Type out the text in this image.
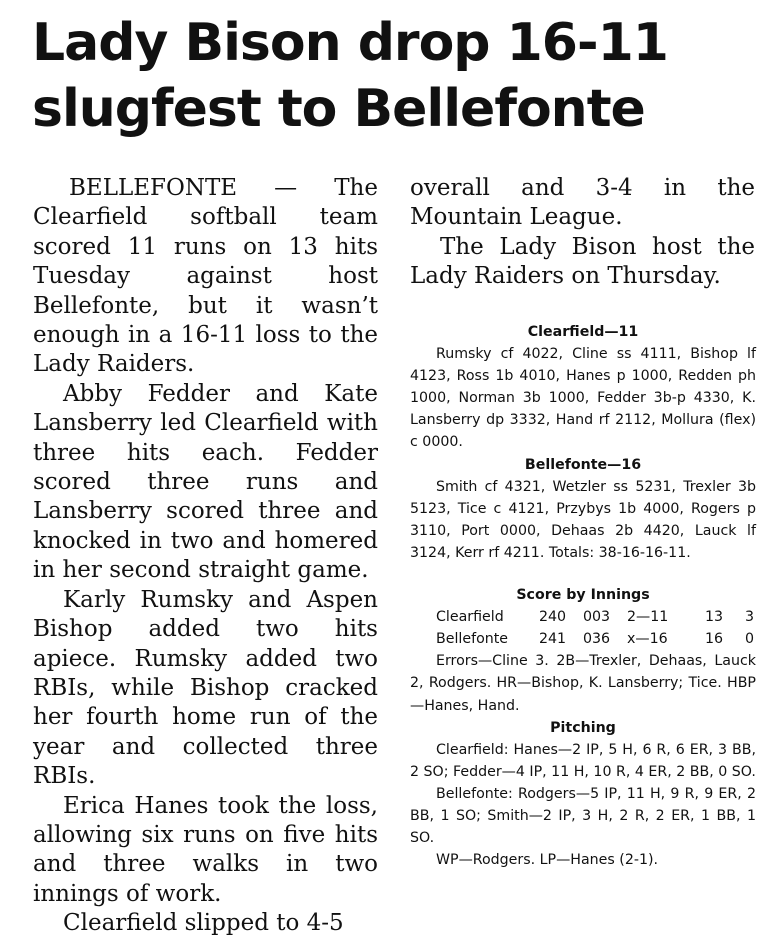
Lady Bison drop 16-11
slugfest to Bellefonte

BELLEFONTE — The Clearfield softball team scored 11 runs on 13 hits Tuesday against host Bellefonte, but it wasn’t enough in a 16-11 loss to the Lady Raiders.

Abby Fedder and Kate Lansberry led Clearfield with three hits each. Fedder scored three runs and Lansberry scored three and knocked in two and homered in her second straight game.

Karly Rumsky and Aspen Bishop added two hits apiece. Rumsky added two RBIs, while Bishop cracked her fourth home run of the year and collected three RBIs.

Erica Hanes took the loss, allowing six runs on five hits and three walks in two innings of work.

Clearfield slipped to 4-5

overall and 3-4 in the Mountain League.

The Lady Bison host the Lady Raiders on Thursday.

Clearfield—11

Rumsky cf 4022, Cline ss 4111, Bishop lf 4123, Ross 1b 4010, Hanes p 1000, Redden ph 1000, Norman 3b 1000, Fedder 3b-p 4330, K. Lansberry dp 3332, Hand rf 2112, Mollura (flex) c 0000.

Bellefonte—16

Smith cf 4321, Wetzler ss 5231, Trexler 3b 5123, Tice c 4121, Przybys 1b 4000, Rogers p 3110, Port 0000, Dehaas 2b 4420, Lauck lf 3124, Kerr rf 4211. Totals: 38-16-16-11.

Score by Innings
Clearfield	240	003	2—11	13	3
Bellefonte	241	036	x—16	16	0

Errors—Cline 3. 2B—Trexler, Dehaas, Lauck 2, Rodgers. HR—Bishop, K. Lansberry; Tice. HBP—Hanes, Hand.

Pitching

Clearfield: Hanes—2 IP, 5 H, 6 R, 6 ER, 3 BB, 2 SO; Fedder—4 IP, 11 H, 10 R, 4 ER, 2 BB, 0 SO.

Bellefonte: Rodgers—5 IP, 11 H, 9 R, 9 ER, 2 BB, 1 SO; Smith—2 IP, 3 H, 2 R, 2 ER, 1 BB, 1 SO.

WP—Rodgers. LP—Hanes (2-1).
